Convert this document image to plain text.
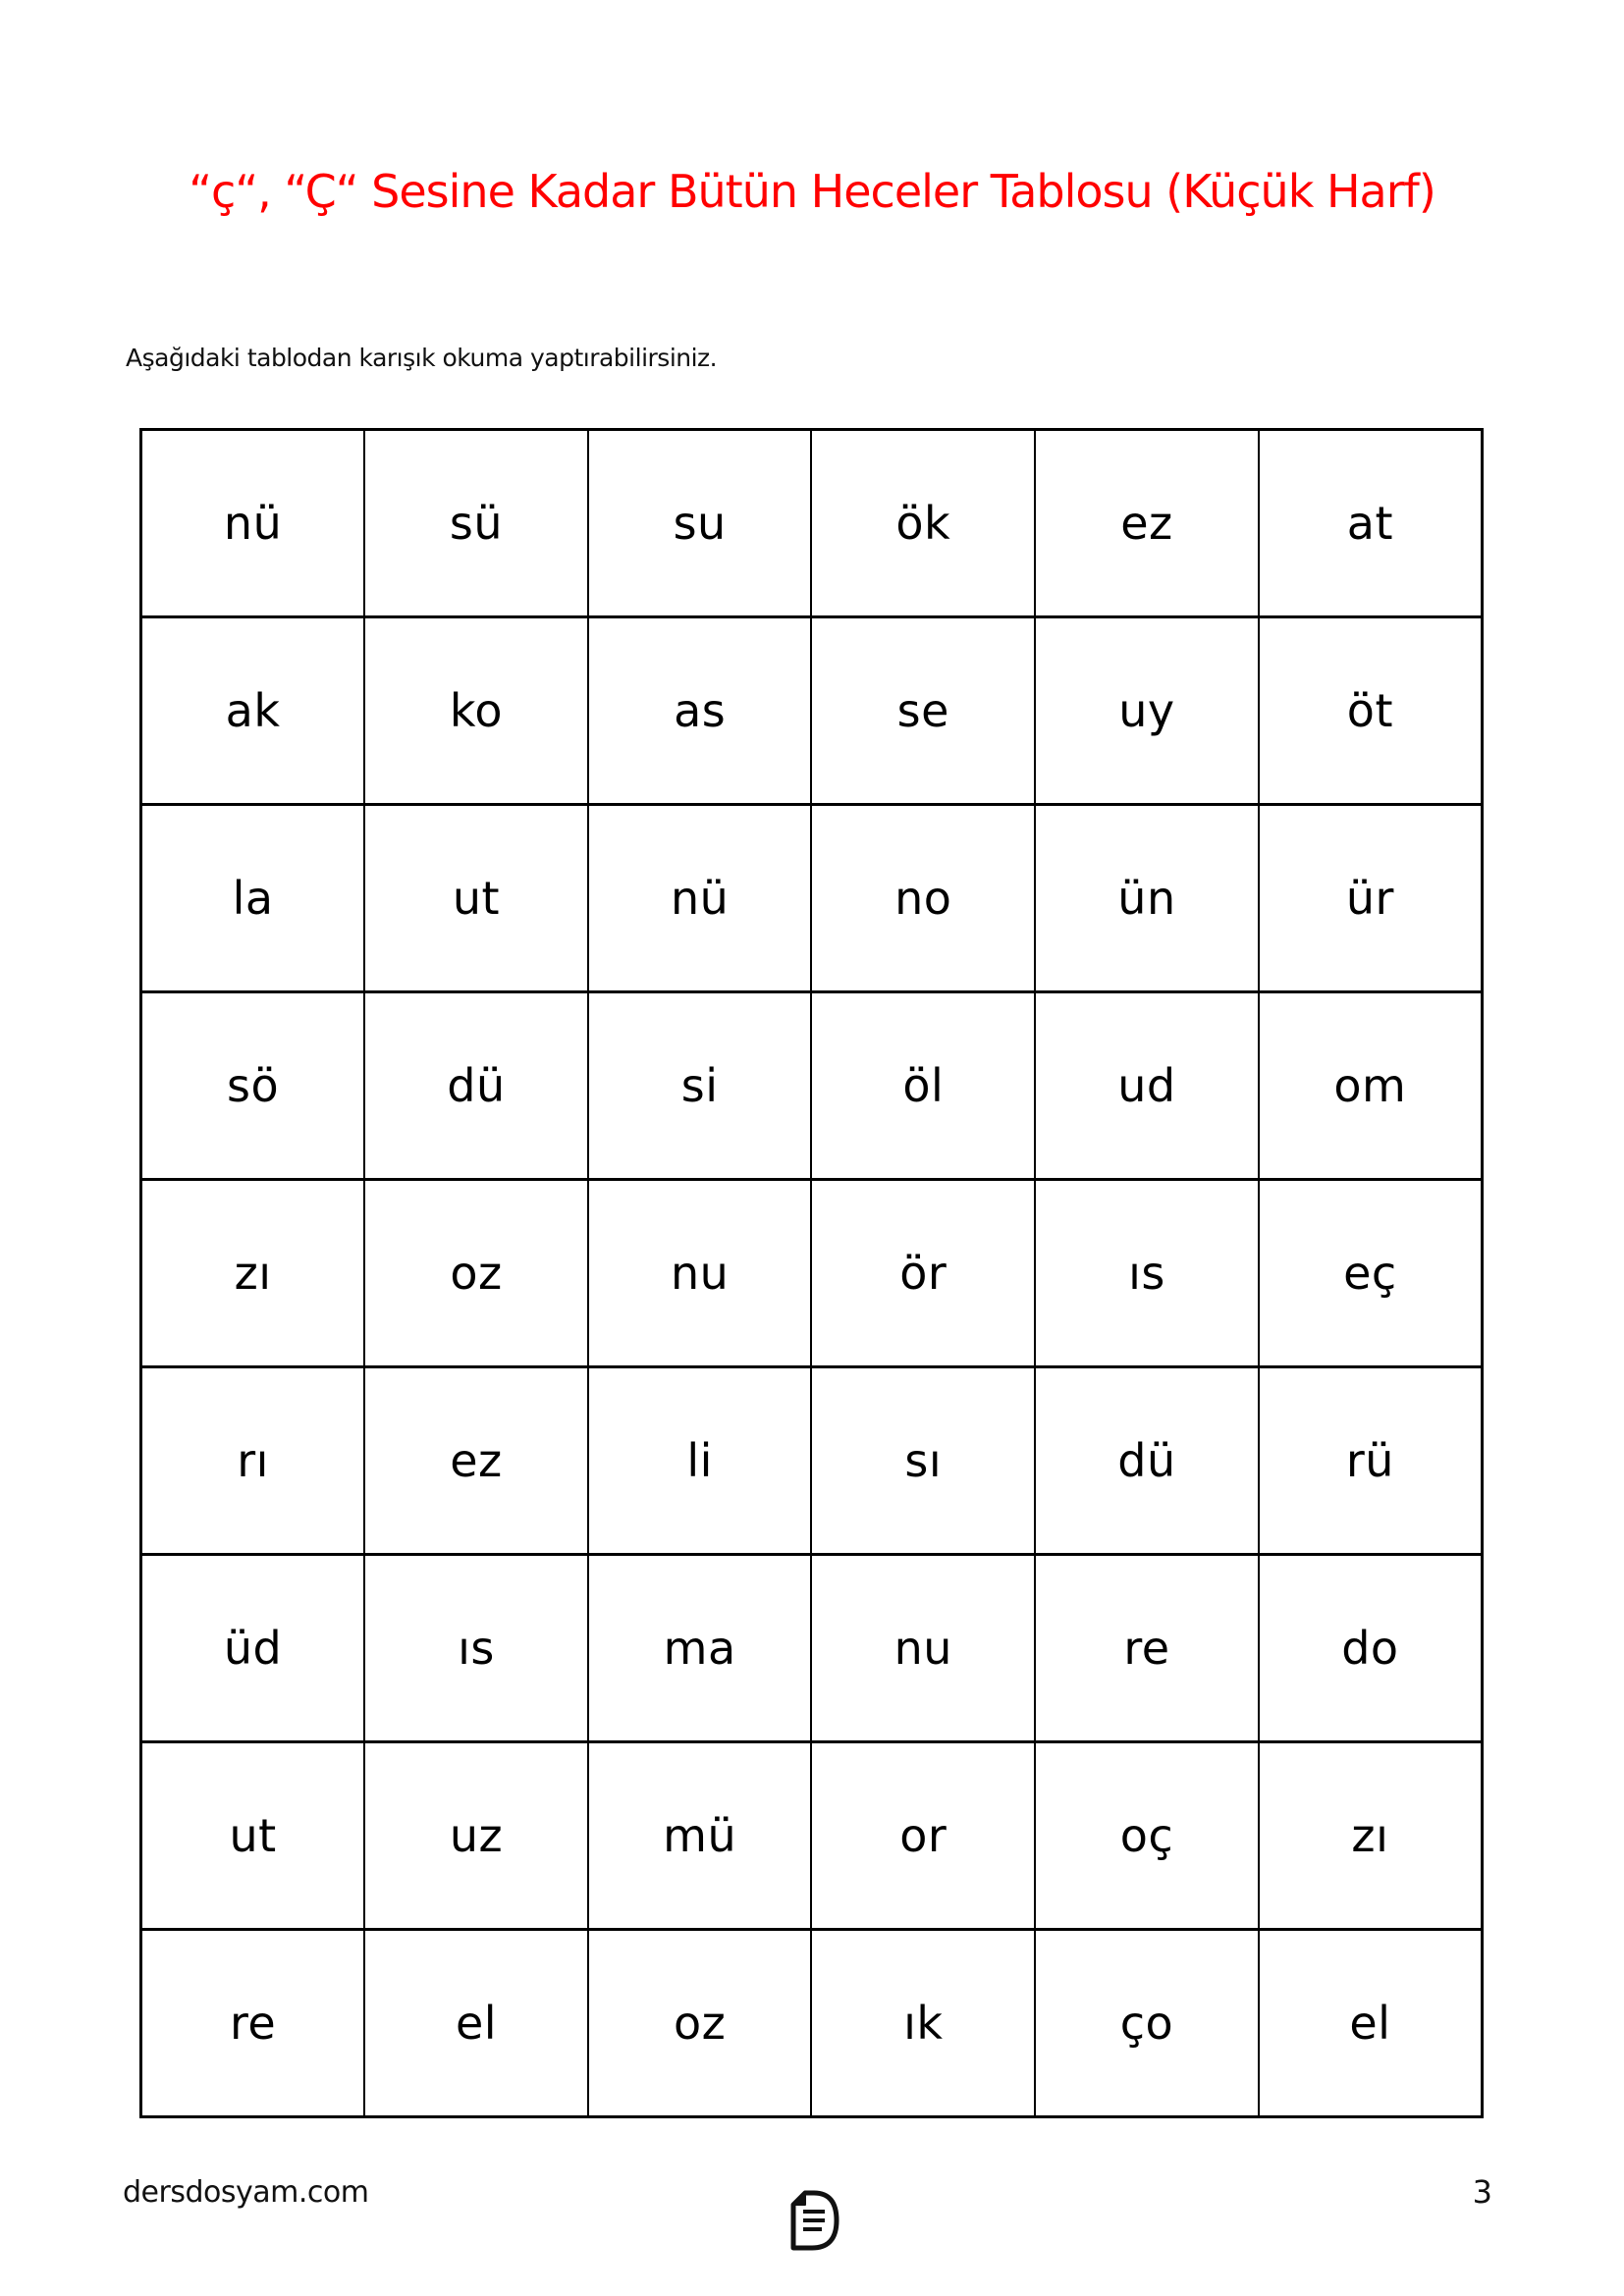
“ç“, “Ç“ Sesine Kadar Bütün Heceler Tablosu (Küçük Harf)
Aşağıdaki tablodan karışık okuma yaptırabilirsiniz.
nü	sü	su	ök	ez	at
ak	ko	as	se	uy	öt
la	ut	nü	no	ün	ür
sö	dü	si	öl	ud	om
zı	oz	nu	ör	ıs	eç
rı	ez	li	sı	dü	rü
üd	ıs	ma	nu	re	do
ut	uz	mü	or	oç	zı
re	el	oz	ık	ço	el
dersdosyam.com	3
